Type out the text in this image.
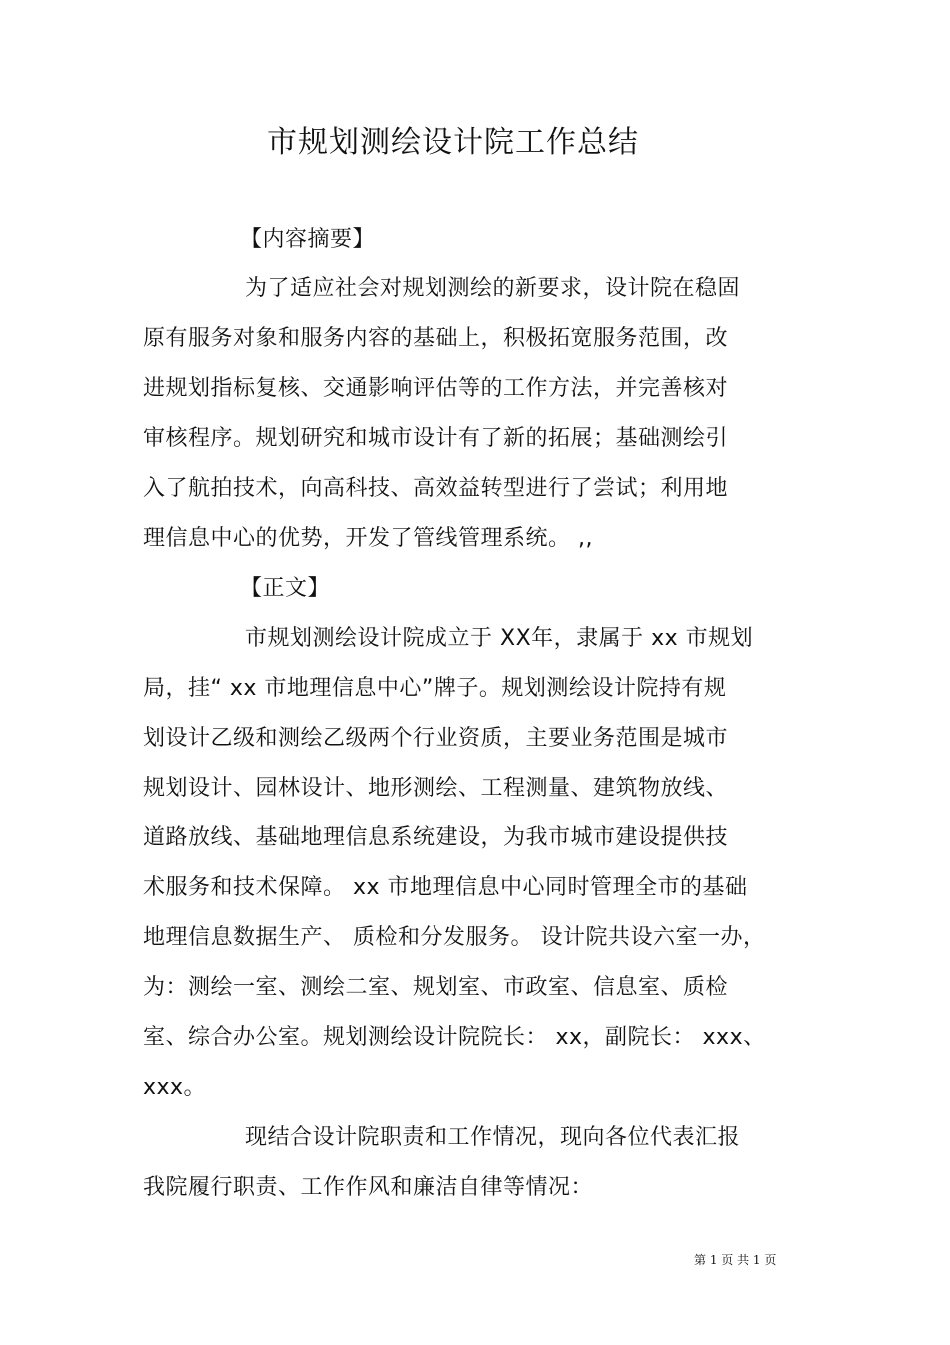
市规划测绘设计院工作总结
【内容摘要】
为了适应社会对规划测绘的新要求，设计院在稳固
原有服务对象和服务内容的基础上，积极拓宽服务范围，改
进规划指标复核、交通影响评估等的工作方法，并完善核对
审核程序。规划研究和城市设计有了新的拓展；基础测绘引
入了航拍技术，向高科技、高效益转型进行了尝试；利用地
理信息中心的优势，开发了管线管理系统。 ,,
【正文】
市规划测绘设计院成立于 XX年，隶属于 xx 市规划
局，挂“ xx 市地理信息中心”牌子。规划测绘设计院持有规
划设计乙级和测绘乙级两个行业资质，主要业务范围是城市
规划设计、园林设计、地形测绘、工程测量、建筑物放线、
道路放线、基础地理信息系统建设，为我市城市建设提供技
术服务和技术保障。 xx 市地理信息中心同时管理全市的基础
地理信息数据生产、 质检和分发服务。 设计院共设六室一办，
为：测绘一室、测绘二室、规划室、市政室、信息室、质检
室、综合办公室。规划测绘设计院院长： xx，副院长： xxx、
xxx。
现结合设计院职责和工作情况，现向各位代表汇报
我院履行职责、工作作风和廉洁自律等情况：
第 1 页 共 1 页
